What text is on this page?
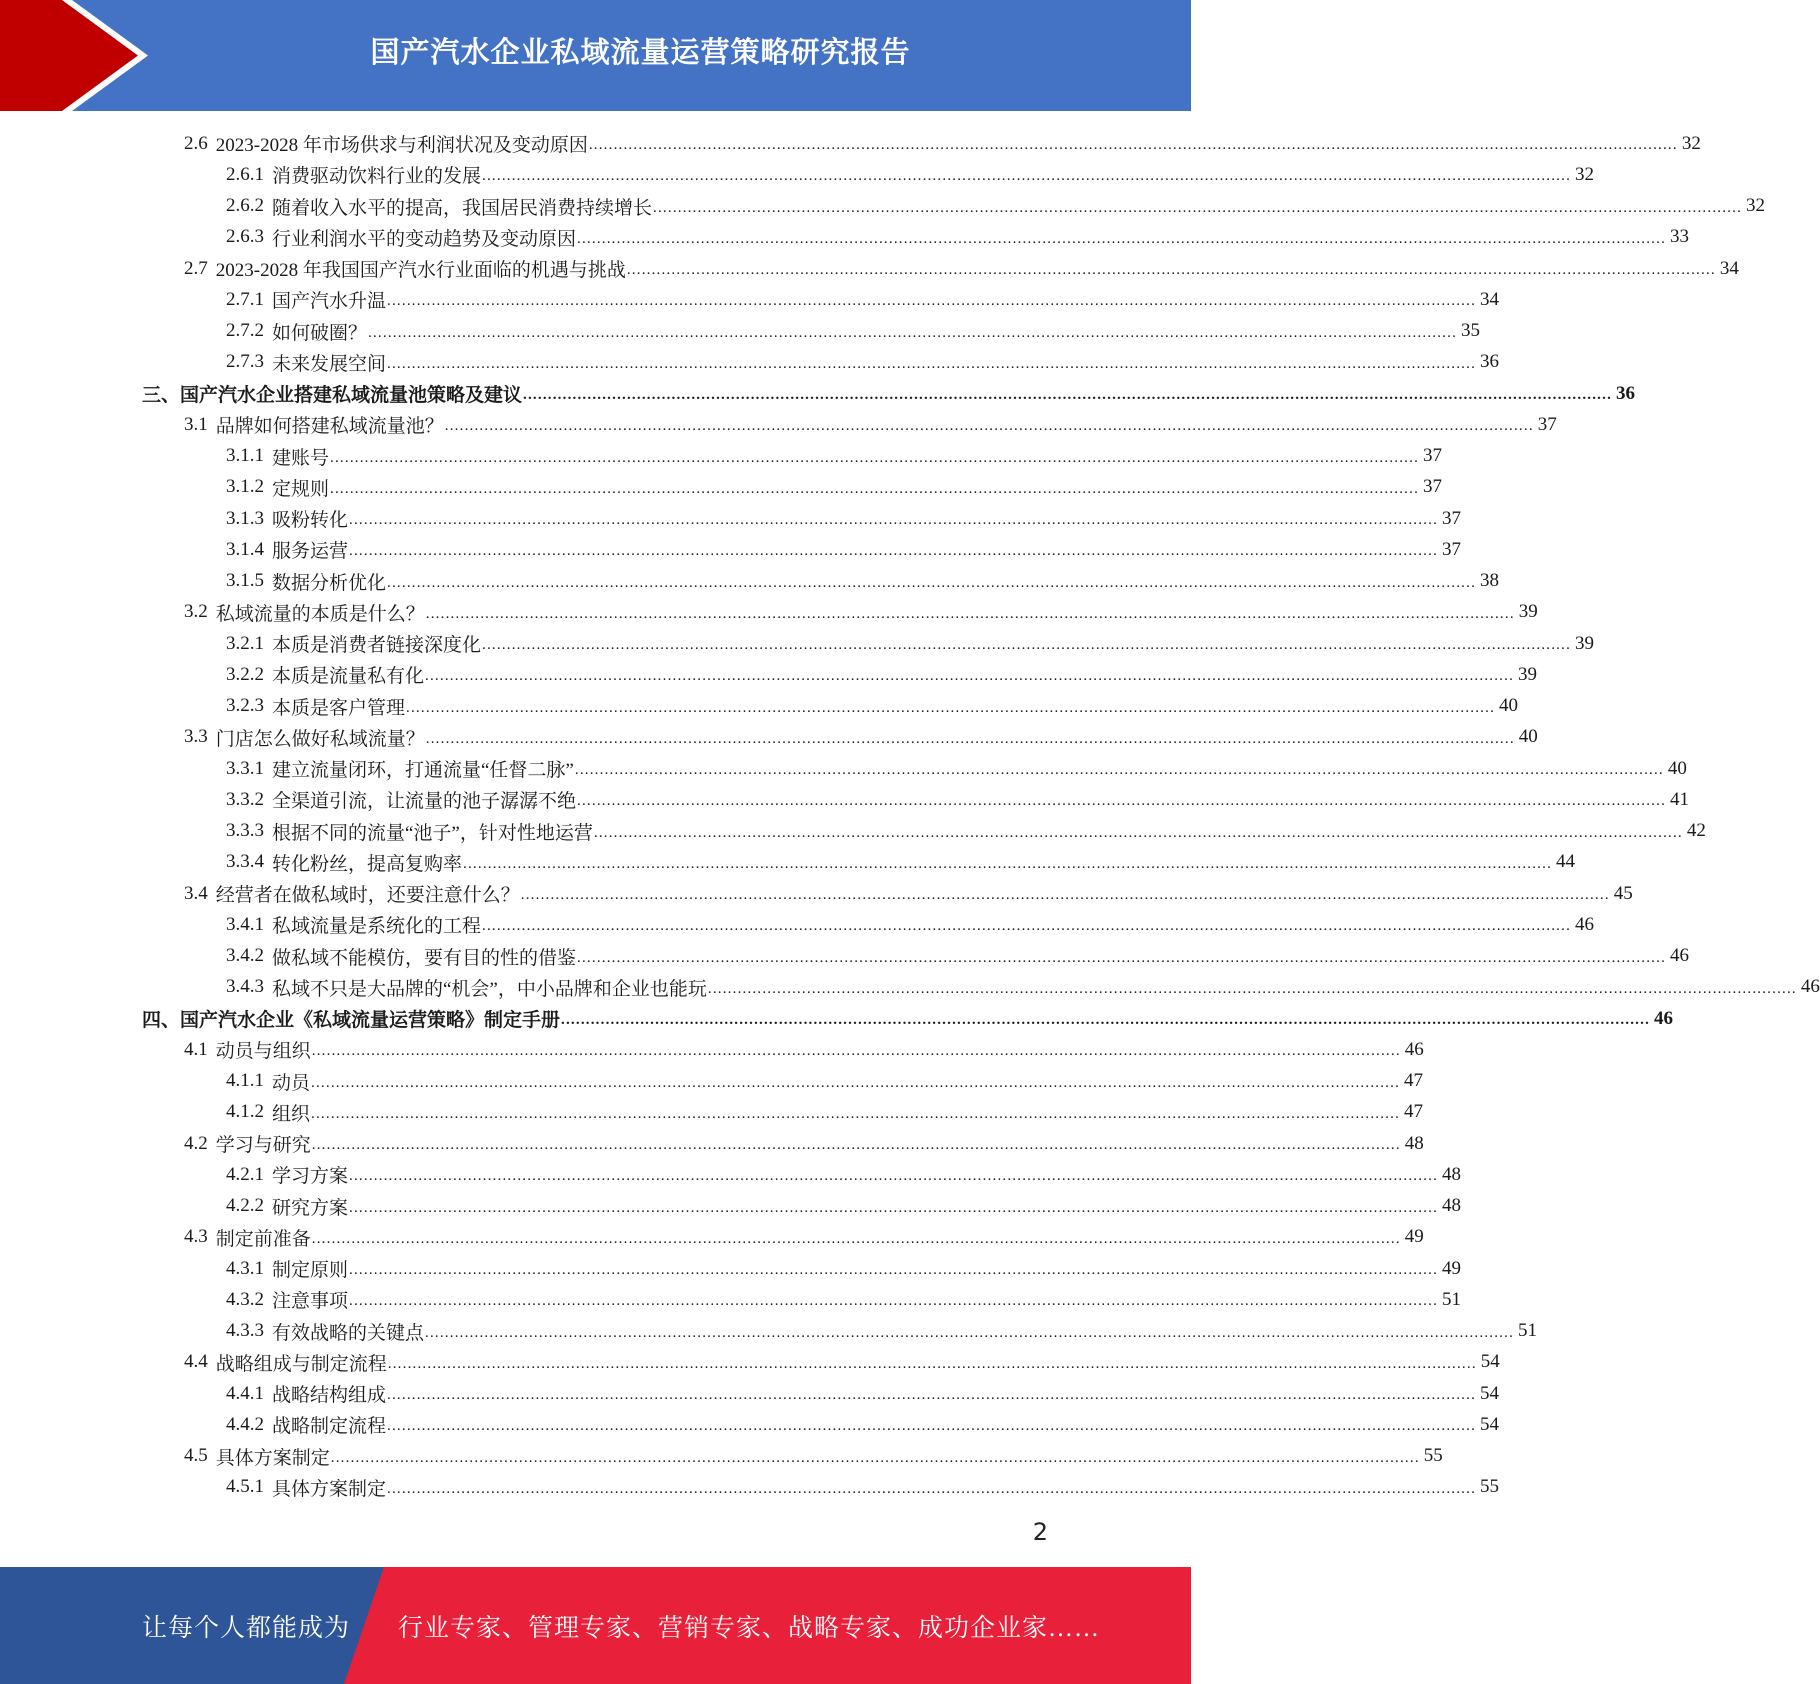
国产汽水企业私域流量运营策略研究报告
2.6 2023-2028 年市场供求与利润状况及变动原因 ............................................................................................................................................................................................................................ 32
2.6.1 消费驱动饮料行业的发展 ............................................................................................................................................................................................................................ 32
2.6.2 随着收入水平的提高，我国居民消费持续增长 ............................................................................................................................................................................................................................ 32
2.6.3 行业利润水平的变动趋势及变动原因 ............................................................................................................................................................................................................................ 33
2.7 2023-2028 年我国国产汽水行业面临的机遇与挑战 ............................................................................................................................................................................................................................ 34
2.7.1 国产汽水升温 ............................................................................................................................................................................................................................ 34
2.7.2 如何破圈？ ............................................................................................................................................................................................................................ 35
2.7.3 未来发展空间 ............................................................................................................................................................................................................................ 36
三、 国产汽水企业搭建私域流量池策略及建议 ............................................................................................................................................................................................................................ 36
3.1 品牌如何搭建私域流量池？ ............................................................................................................................................................................................................................ 37
3.1.1 建账号 ............................................................................................................................................................................................................................ 37
3.1.2 定规则 ............................................................................................................................................................................................................................ 37
3.1.3 吸粉转化 ............................................................................................................................................................................................................................ 37
3.1.4 服务运营 ............................................................................................................................................................................................................................ 37
3.1.5 数据分析优化 ............................................................................................................................................................................................................................ 38
3.2 私域流量的本质是什么？ ............................................................................................................................................................................................................................ 39
3.2.1 本质是消费者链接深度化 ............................................................................................................................................................................................................................ 39
3.2.2 本质是流量私有化 ............................................................................................................................................................................................................................ 39
3.2.3 本质是客户管理 ............................................................................................................................................................................................................................ 40
3.3 门店怎么做好私域流量？ ............................................................................................................................................................................................................................ 40
3.3.1 建立流量闭环，打通流量“任督二脉” ............................................................................................................................................................................................................................ 40
3.3.2 全渠道引流，让流量的池子潺潺不绝 ............................................................................................................................................................................................................................ 41
3.3.3 根据不同的流量“池子”，针对性地运营 ............................................................................................................................................................................................................................ 42
3.3.4 转化粉丝，提高复购率 ............................................................................................................................................................................................................................ 44
3.4 经营者在做私域时，还要注意什么？ ............................................................................................................................................................................................................................ 45
3.4.1 私域流量是系统化的工程 ............................................................................................................................................................................................................................ 46
3.4.2 做私域不能模仿，要有目的性的借鉴 ............................................................................................................................................................................................................................ 46
3.4.3 私域不只是大品牌的“机会”，中小品牌和企业也能玩 ............................................................................................................................................................................................................................ 46
四、 国产汽水企业《私域流量运营策略》制定手册 ............................................................................................................................................................................................................................ 46
4.1 动员与组织 ............................................................................................................................................................................................................................ 46
4.1.1 动员 ............................................................................................................................................................................................................................ 47
4.1.2 组织 ............................................................................................................................................................................................................................ 47
4.2 学习与研究 ............................................................................................................................................................................................................................ 48
4.2.1 学习方案 ............................................................................................................................................................................................................................ 48
4.2.2 研究方案 ............................................................................................................................................................................................................................ 48
4.3 制定前准备 ............................................................................................................................................................................................................................ 49
4.3.1 制定原则 ............................................................................................................................................................................................................................ 49
4.3.2 注意事项 ............................................................................................................................................................................................................................ 51
4.3.3 有效战略的关键点 ............................................................................................................................................................................................................................ 51
4.4 战略组成与制定流程 ............................................................................................................................................................................................................................ 54
4.4.1 战略结构组成 ............................................................................................................................................................................................................................ 54
4.4.2 战略制定流程 ............................................................................................................................................................................................................................ 54
4.5 具体方案制定 ............................................................................................................................................................................................................................ 55
4.5.1 具体方案制定 ............................................................................................................................................................................................................................ 55
2
让每个人都能成为 行业专家、管理专家、营销专家、战略专家、成功企业家……
